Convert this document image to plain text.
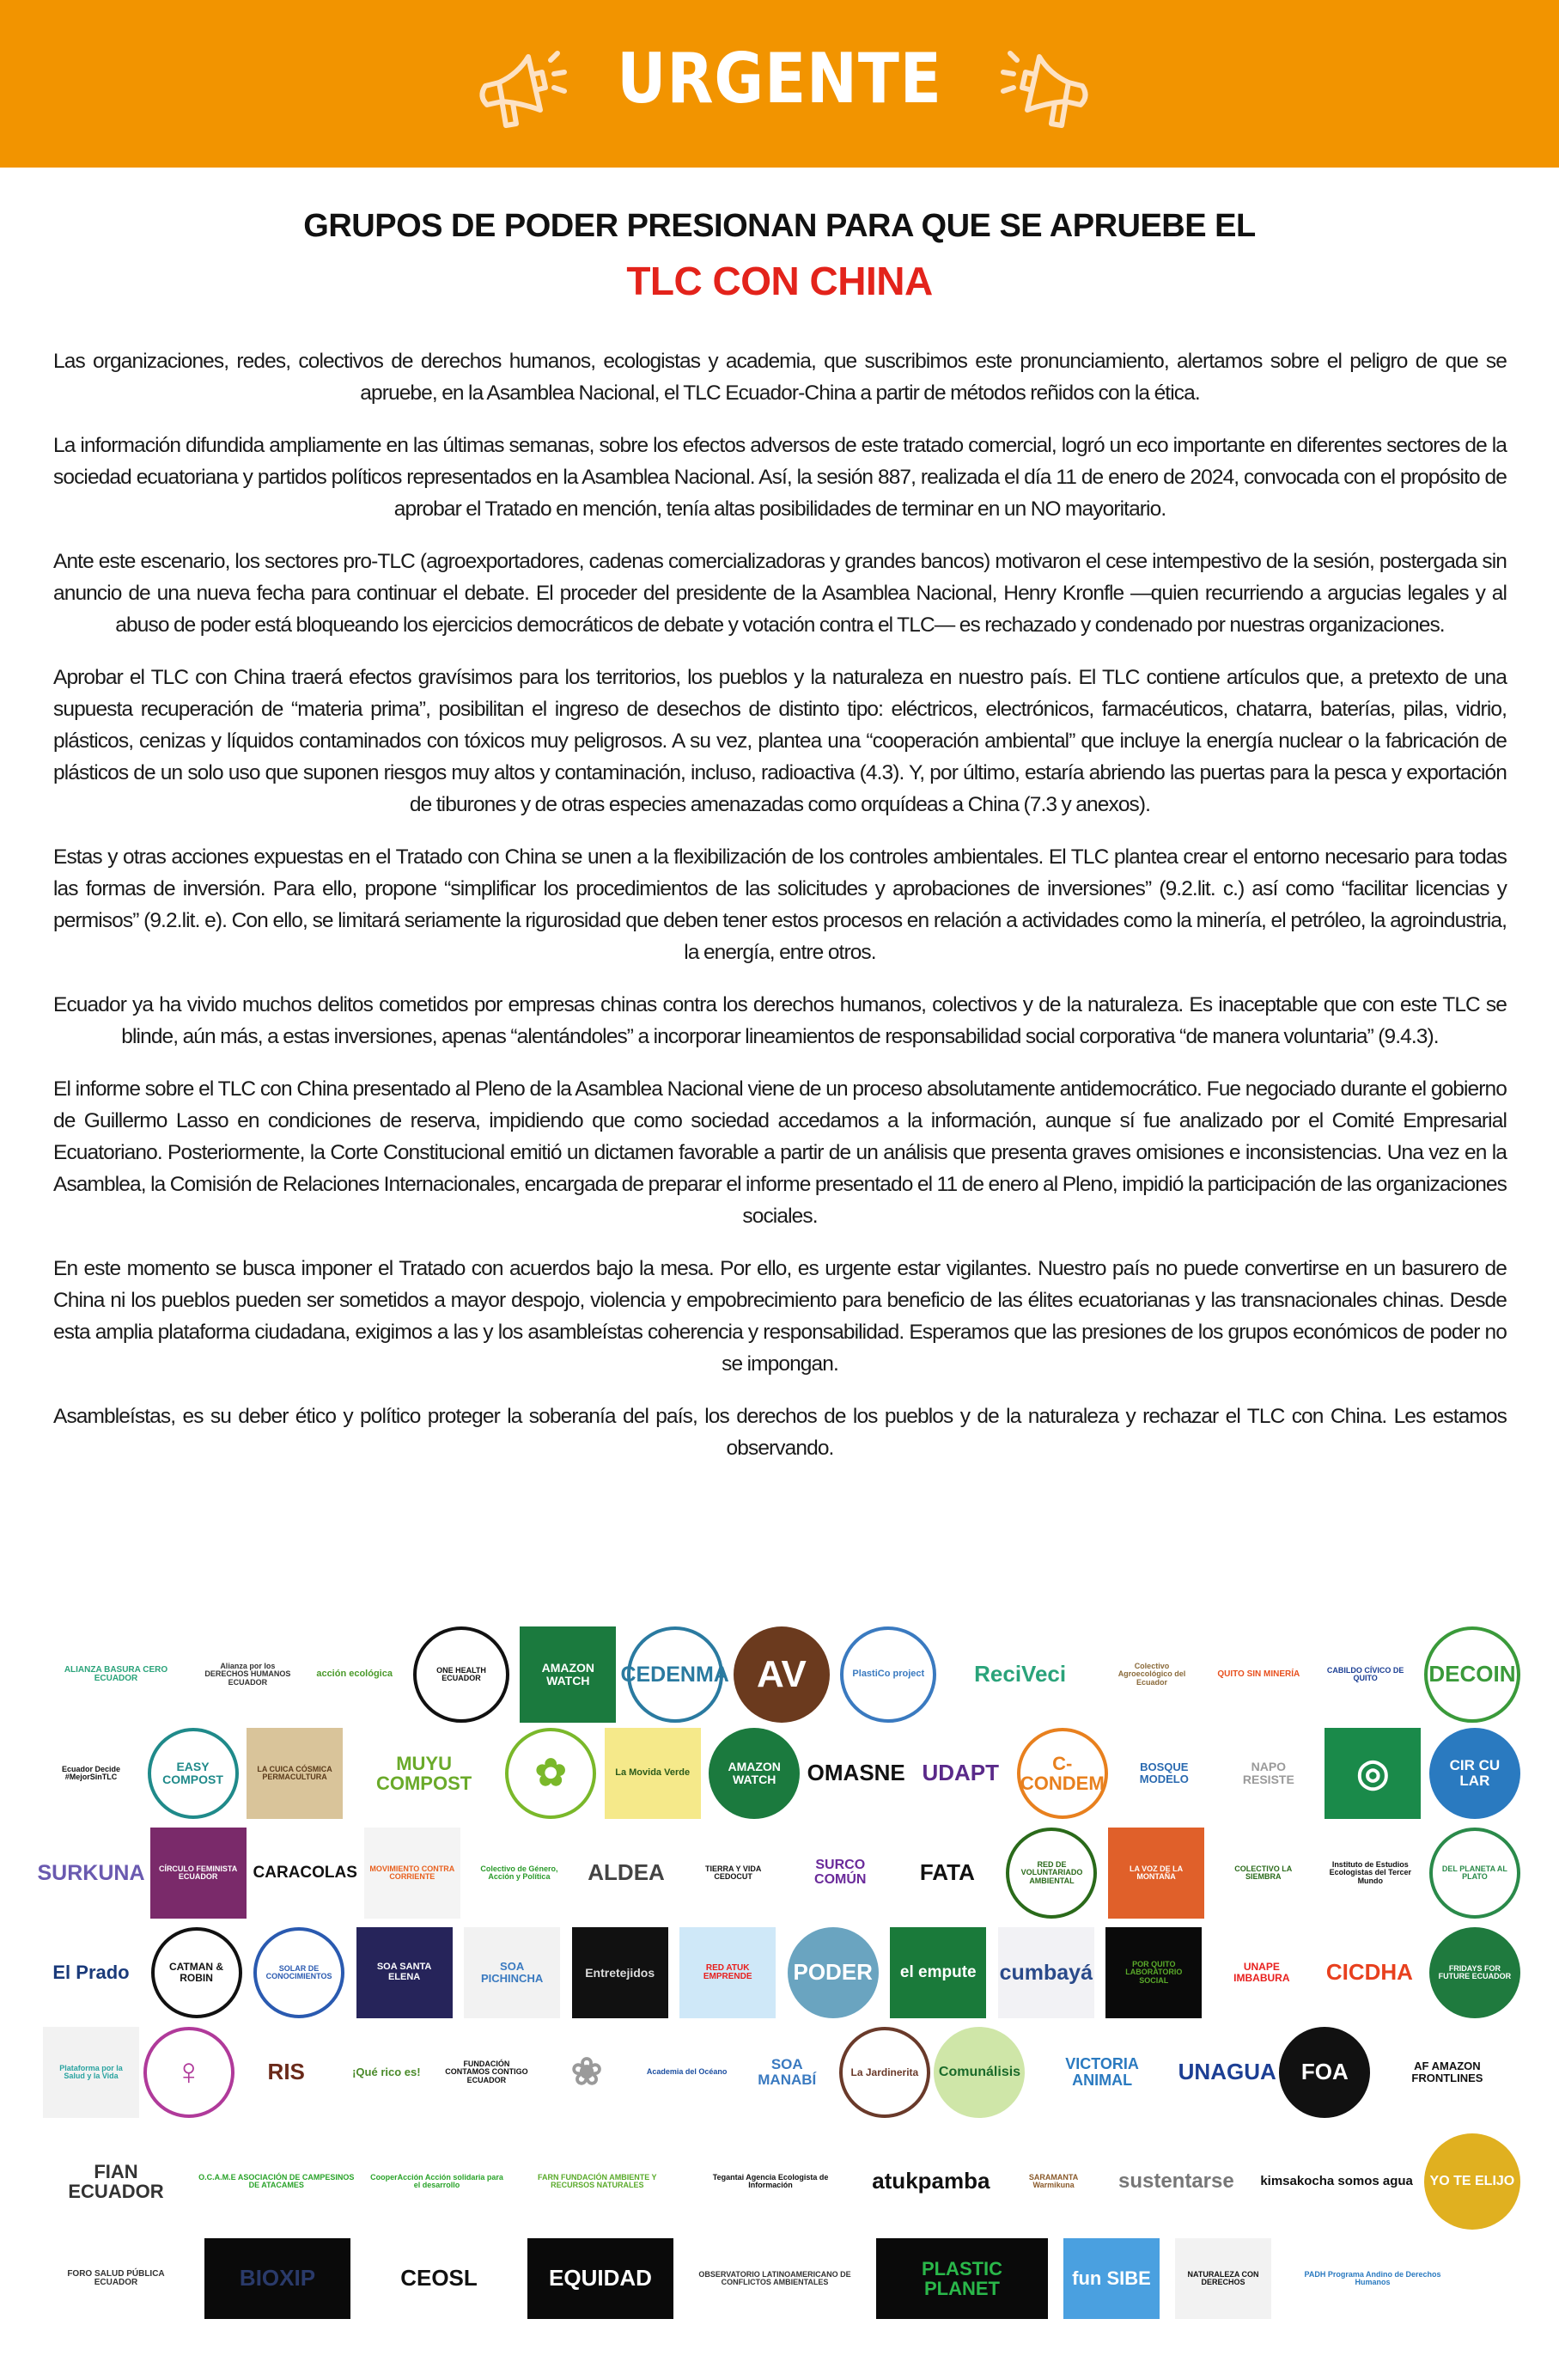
URGENTE
GRUPOS DE PODER PRESIONAN PARA QUE SE APRUEBE EL
TLC CON CHINA

Las organizaciones, redes, colectivos de derechos humanos, ecologistas y academia, que suscribimos este pronunciamiento, alertamos sobre el peligro de que se apruebe, en la Asamblea Nacional, el TLC Ecuador-China a partir de métodos reñidos con la ética.

La información difundida ampliamente en las últimas semanas, sobre los efectos adversos de este tratado comercial, logró un eco importante en diferentes sectores de la sociedad ecuatoriana y partidos políticos representados en la Asamblea Nacional. Así, la sesión 887, realizada el día 11 de enero de 2024, convocada con el propósito de aprobar el Tratado en mención, tenía altas posibilidades de terminar en un NO mayoritario.

Ante este escenario, los sectores pro-TLC (agroexportadores, cadenas comercializadoras y grandes bancos) motivaron el cese intempestivo de la sesión, postergada sin anuncio de una nueva fecha para continuar el debate. El proceder del presidente de la Asamblea Nacional, Henry Kronfle —quien recurriendo a argucias legales y al abuso de poder está bloqueando los ejercicios democráticos de debate y votación contra el TLC— es rechazado y condenado por nuestras organizaciones.

Aprobar el TLC con China traerá efectos gravísimos para los territorios, los pueblos y la naturaleza en nuestro país. El TLC contiene artículos que, a pretexto de una supuesta recuperación de “materia prima”, posibilitan el ingreso de desechos de distinto tipo: eléctricos, electrónicos, farmacéuticos, chatarra, baterías, pilas, vidrio, plásticos, cenizas y líquidos contaminados con tóxicos muy peligrosos. A su vez, plantea una “cooperación ambiental” que incluye la energía nuclear o la fabricación de plásticos de un solo uso que suponen riesgos muy altos y contaminación, incluso, radioactiva (4.3). Y, por último, estaría abriendo las puertas para la pesca y exportación de tiburones y de otras especies amenazadas como orquídeas a China (7.3 y anexos).

Estas y otras acciones expuestas en el Tratado con China se unen a la flexibilización de los controles ambientales. El TLC plantea crear el entorno necesario para todas las formas de inversión. Para ello, propone “simplificar los procedimientos de las solicitudes y aprobaciones de inversiones” (9.2.lit. c.) así como “facilitar licencias y permisos” (9.2.lit. e). Con ello, se limitará seriamente la rigurosidad que deben tener estos procesos en relación a actividades como la minería, el petróleo, la agroindustria, la energía, entre otros.

Ecuador ya ha vivido muchos delitos cometidos por empresas chinas contra los derechos humanos, colectivos y de la naturaleza. Es inaceptable que con este TLC se blinde, aún más, a estas inversiones, apenas “alentándoles” a incorporar lineamientos de responsabilidad social corporativa “de manera voluntaria” (9.4.3).

El informe sobre el TLC con China presentado al Pleno de la Asamblea Nacional viene de un proceso absolutamente antidemocrático. Fue negociado durante el gobierno de Guillermo Lasso en condiciones de reserva, impidiendo que como sociedad accedamos a la información, aunque sí fue analizado por el Comité Empresarial Ecuatoriano. Posteriormente, la Corte Constitucional emitió un dictamen favorable a partir de un análisis que presenta graves omisiones e inconsistencias. Una vez en la Asamblea, la Comisión de Relaciones Internacionales, encargada de preparar el informe presentado el 11 de enero al Pleno, impidió la participación de las organizaciones sociales.

En este momento se busca imponer el Tratado con acuerdos bajo la mesa. Por ello, es urgente estar vigilantes. Nuestro país no puede convertirse en un basurero de China ni los pueblos pueden ser sometidos a mayor despojo, violencia y empobrecimiento para beneficio de las élites ecuatorianas y las transnacionales chinas. Desde esta amplia plataforma ciudadana, exigimos a las y los asambleístas coherencia y responsabilidad. Esperamos que las presiones de los grupos económicos de poder no se impongan.

Asambleístas, es su deber ético y político proteger la soberanía del país, los derechos de los pueblos y de la naturaleza y rechazar el TLC con China. Les estamos observando.

ALIANZA BASURA CERO ECUADOR
Alianza por los DERECHOS HUMANOS ECUADOR
acción ecológica	ONE HEALTH ECUADOR
AMAZON WATCH	CEDENMA AV	PlastiCo project ReciVeci	Colectivo Agroecológico del Ecuador
QUITO SIN MINERÍA	CABILDO CÍVICO DE QUITO	DECOIN
Ecuador Decide #MejorSinTLC
EASY COMPOST
LA CUICA CÓSMICA PERMACULTURA
MUYU COMPOST	✿	La Movida Verde	AMAZON WATCH	OMASNE UDAPT	C-CONDEM
BOSQUE MODELO
NAPO RESISTE	◎	CIR CU LAR
SURKUNA	CÍRCULO FEMINISTA ECUADOR	CARACOLAS	MOVIMIENTO CONTRA CORRIENTE
Colectivo de Género, Acción y Política	ALDEA	TIERRA Y VIDA CEDOCUT
SURCO COMÚN	FATA	RED DE VOLUNTARIADO AMBIENTAL
LA VOZ DE LA MONTAÑA
COLECTIVO LA SIEMBRA
Instituto de Estudios Ecologistas del Tercer Mundo
DEL PLANETA AL PLATO
El Prado	CATMAN & ROBIN
SOLAR DE CONOCIMIENTOS
SOA SANTA ELENA
SOA PICHINCHA	Entretejidos	RED ATUK EMPRENDE	PODER	el empute cumbayá	POR QUITO LABORATORIO SOCIAL
UNAPE IMBABURA	CICDHA	FRIDAYS FOR FUTURE ECUADOR
Plataforma por la Salud y la Vida	♀	RIS	¡Qué rico es!
FUNDACIÓN CONTAMOS CONTIGO ECUADOR	❀	Academia del Océano	SOA MANABÍ	La Jardinerita	Comunálisis	VICTORIA ANIMAL	UNAGUA FOA	AF AMAZON FRONTLINES
FIAN ECUADOR
O.C.A.M.E ASOCIACIÓN DE CAMPESINOS DE ATACAMES
CooperAcción Acción solidaria para el desarrollo
FARN FUNDACIÓN AMBIENTE Y RECURSOS NATURALES
Tegantai Agencia Ecologista de Información	atukpamba	SARAMANTA Warmikuna	sustentarse	kimsakocha somos agua	YO TE ELIJO
FORO SALUD PÚBLICA ECUADOR	BIOXIP	CEOSL	EQUIDAD	OBSERVATORIO LATINOAMERICANO DE CONFLICTOS AMBIENTALES
PLASTIC PLANET	fun SIBE	NATURALEZA CON DERECHOS
PADH Programa Andino de Derechos Humanos
